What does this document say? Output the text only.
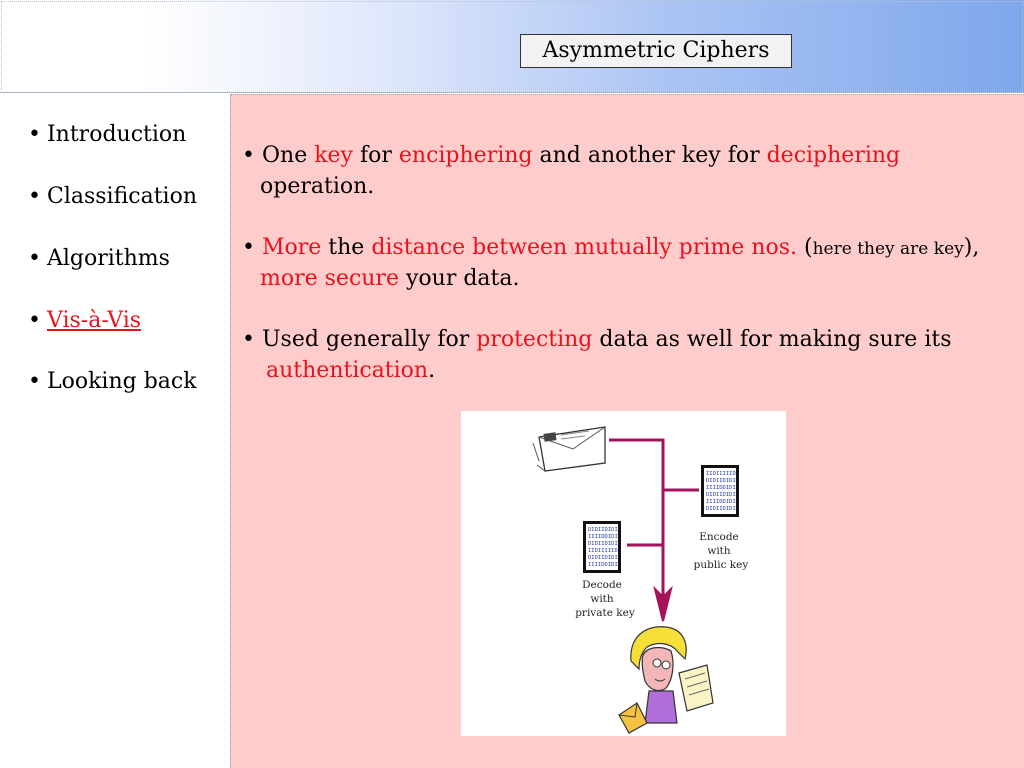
Asymmetric Ciphers
• Introduction
• Classification
• Algorithms
• Vis-à-Vis
• Looking back
• One key for enciphering and another key for deciphering
operation.
• More the distance between mutually prime nos. (here they are key),
more secure your data.
• Used generally for protecting data as well for making sure its
authentication.
IIDIIIIID
DIDIIDIDI
IIIIDDIDI
DIDIIDIDI
IIIIDDIDI
DIDIIDIDI
DIDIIDIDI
IIIIDDIDI
DIDIIDIDI
IIDIIIIID
DIDIIDIDI
IIIIDDIDI
Encode
with
public key
Decode
with
private key
